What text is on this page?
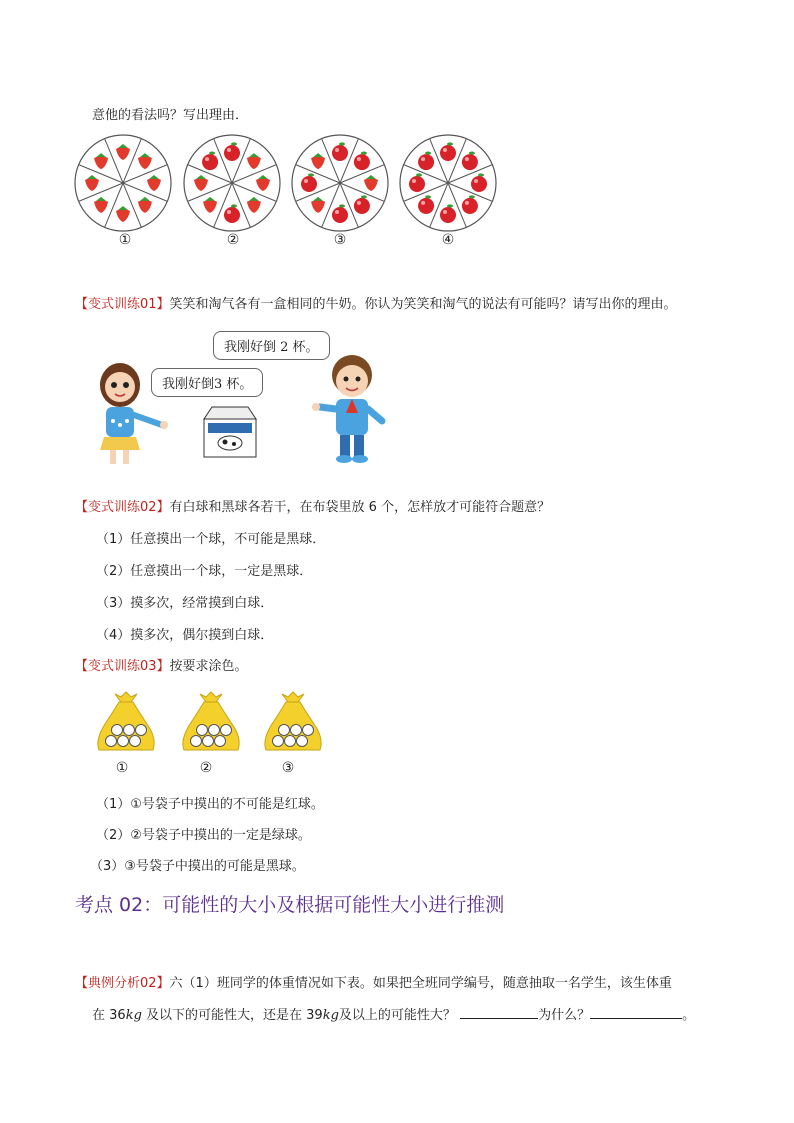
意他的看法吗？写出理由．
①	②	③	④
【变式训练01】笑笑和淘气各有一盒相同的牛奶。你认为笑笑和淘气的说法有可能吗？请写出你的理由。
我刚好倒 2 杯。
我刚好倒3 杯。
【变式训练02】有白球和黑球各若干，在布袋里放 6 个，怎样放才可能符合题意？
（1）任意摸出一个球，不可能是黑球．
（2）任意摸出一个球，一定是黑球．
（3）摸多次，经常摸到白球．
（4）摸多次，偶尔摸到白球．
【变式训练03】按要求涂色。
①	②	③
（1）①号袋子中摸出的不可能是红球。
（2）②号袋子中摸出的一定是绿球。
（3）③号袋子中摸出的可能是黑球。
考点 02：可能性的大小及根据可能性大小进行推测
【典例分析02】六（1）班同学的体重情况如下表。如果把全班同学编号，随意抽取一名学生，该生体重
在 36kg 及以下的可能性大，还是在 39kg及以上的可能性大？	为什么？	。
